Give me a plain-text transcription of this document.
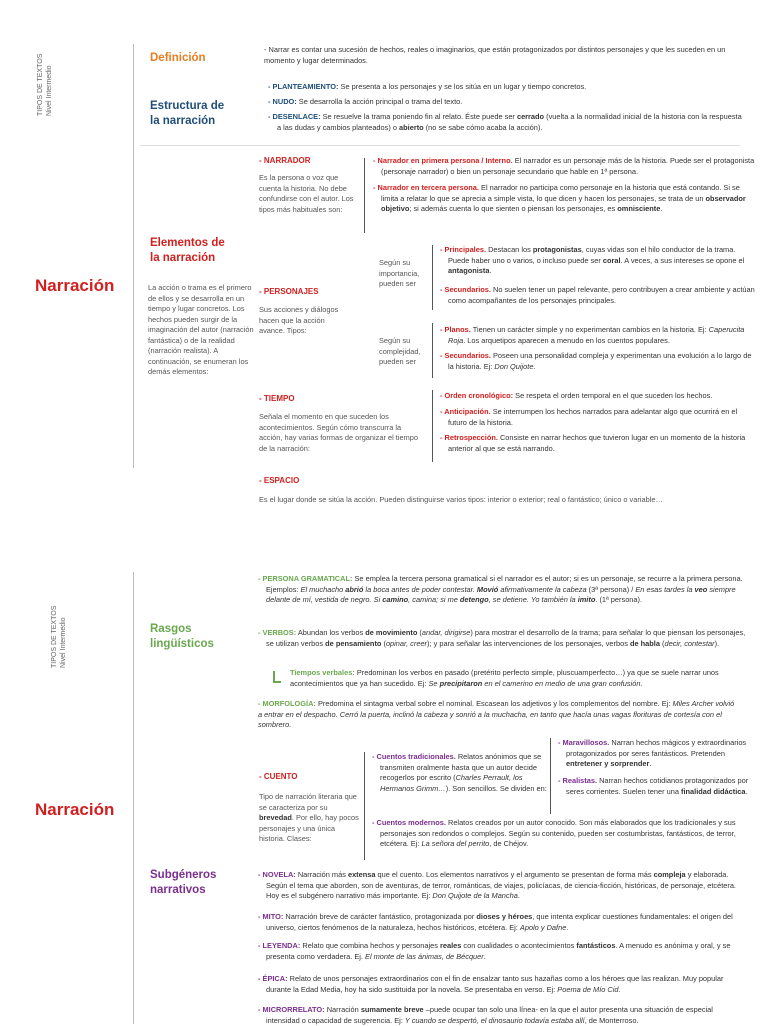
TIPOS DE TEXTOS Nivel Intermedio
Narración
Definición
- Narrar es contar una sucesión de hechos, reales o imaginarios, que están protagonizados por distintos personajes y que les suceden en un momento y lugar determinados.
Estructura de
la narración
- PLANTEAMIENTO: Se presenta a los personajes y se los sitúa en un lugar y tiempo concretos.
- NUDO: Se desarrolla la acción principal o trama del texto.
- DESENLACE: Se resuelve la trama poniendo fin al relato. Éste puede ser cerrado (vuelta a la normalidad inicial de la historia con la respuesta a las dudas y cambios planteados) o abierto (no se sabe cómo acaba la acción).
Elementos de
la narración
La acción o trama es el primero de ellos y se desarrolla en un tiempo y lugar concretos. Los hechos pueden surgir de la imaginación del autor (narración fantástica) o de la realidad (narración realista). A continuación, se enumeran los demás elementos:
- NARRADOR
Es la persona o voz que cuenta la historia. No debe confundirse con el autor. Los tipos más habituales son:
- Narrador en primera persona / Interno. El narrador es un personaje más de la historia. Puede ser el protagonista (personaje narrador) o bien un personaje secundario que hable en 1ª persona.
- Narrador en tercera persona. El narrador no participa como personaje en la historia que está contando. Si se limita a relatar lo que se aprecia a simple vista, lo que dicen y hacen los personajes, se trata de un observador objetivo; si además cuenta lo que sienten o piensan los personajes, es omnisciente.
- PERSONAJES
Sus acciones y diálogos hacen que la acción avance. Tipos:
Según su importancia, pueden ser
- Principales. Destacan los protagonistas, cuyas vidas son el hilo conductor de la trama. Puede haber uno o varios, o incluso puede ser coral. A veces, a sus intereses se opone el antagonista.
- Secundarios. No suelen tener un papel relevante, pero contribuyen a crear ambiente y actúan como acompañantes de los personajes principales.
Según su complejidad, pueden ser
- Planos. Tienen un carácter simple y no experimentan cambios en la historia. Ej: Caperucita Roja. Los arquetipos aparecen a menudo en los cuentos populares.
- Secundarios. Poseen una personalidad compleja y experimentan una evolución a lo largo de la historia. Ej: Don Quijote.
- TIEMPO
Señala el momento en que suceden los acontecimientos. Según cómo transcurra la acción, hay varias formas de organizar el tiempo de la narración:
- Orden cronológico: Se respeta el orden temporal en el que suceden los hechos.
- Anticipación. Se interrumpen los hechos narrados para adelantar algo que ocurrirá en el futuro de la historia.
- Retrospección. Consiste en narrar hechos que tuvieron lugar en un momento de la historia anterior al que se está narrando.
- ESPACIO
Es el lugar donde se sitúa la acción. Pueden distinguirse varios tipos: interior o exterior; real o fantástico; único o variable…
TIPOS DE TEXTOS Nivel Intermedio
Narración
Rasgos
lingüísticos
- PERSONA GRAMATICAL: Se emplea la tercera persona gramatical si el narrador es el autor; si es un personaje, se recurre a la primera persona. Ejemplos: El muchacho abrió la boca antes de poder contestar. Movió afirmativamente la cabeza (3ª persona) / En esas tardes la veo siempre delante de mí, vestida de negro. Si camino, camina; si me detengo, se detiene. Yo también la imito. (1ª persona).
- VERBOS: Abundan los verbos de movimiento (andar, dirigirse) para mostrar el desarrollo de la trama; para señalar lo que piensan los personajes, se utilizan verbos de pensamiento (opinar, creer); y para señalar las intervenciones de los personajes, verbos de habla (decir, contestar).
Tiempos verbales: Predominan los verbos en pasado (pretérito perfecto simple, pluscuamperfecto…) ya que se suele narrar unos acontecimientos que ya han sucedido. Ej: Se precipitaron en el camerino en medio de una gran confusión.
- MORFOLOGÍA: Predomina el sintagma verbal sobre el nominal. Escasean los adjetivos y los complementos del nombre. Ej: Miles Archer volvió a entrar en el despacho. Cerró la puerta, inclinó la cabeza y sonrió a la muchacha, en tanto que hacía unas vagas florituras de cortesía con el sombrero.
Subgéneros
narrativos
- CUENTO
Tipo de narración literaria que se caracteriza por su brevedad. Por ello, hay pocos personajes y una única historia. Clases:
- Cuentos tradicionales. Relatos anónimos que se transmiten oralmente hasta que un autor decide recogerlos por escrito (Charles Perrault, los Hermanos Grimm…). Son sencillos. Se dividen en:
- Maravillosos. Narran hechos mágicos y extraordinarios protagonizados por seres fantásticos. Pretenden entretener y sorprender.
- Realistas. Narran hechos cotidianos protagonizados por seres corrientes. Suelen tener una finalidad didáctica.
- Cuentos modernos. Relatos creados por un autor conocido. Son más elaborados que los tradicionales y sus personajes son redondos o complejos. Según su contenido, pueden ser costumbristas, fantásticos, de terror, etcétera. Ej: La señora del perrito, de Chéjov.
- NOVELA: Narración más extensa que el cuento. Los elementos narrativos y el argumento se presentan de forma más compleja y elaborada. Según el tema que aborden, son de aventuras, de terror, románticas, de viajes, policíacas, de ciencia-ficción, históricas, de personaje, etcétera. Hoy es el subgénero narrativo más importante. Ej: Don Quijote de la Mancha.
- MITO: Narración breve de carácter fantástico, protagonizada por dioses y héroes, que intenta explicar cuestiones fundamentales: el origen del universo, ciertos fenómenos de la naturaleza, hechos históricos, etcétera. Ej: Apolo y Dafne.
- LEYENDA: Relato que combina hechos y personajes reales con cualidades o acontecimientos fantásticos. A menudo es anónima y oral, y se presenta como verdadera. Ej. El monte de las ánimas, de Bécquer.
- ÉPICA: Relato de unos personajes extraordinarios con el fin de ensalzar tanto sus hazañas como a los héroes que las realizan. Muy popular durante la Edad Media, hoy ha sido sustituida por la novela. Se presentaba en verso. Ej: Poema de Mío Cid.
- MICRORRELATO: Narración sumamente breve –puede ocupar tan solo una línea- en la que el autor presenta una situación de especial intensidad o capacidad de sugerencia. Ej: Y cuando se despertó, el dinosaurio todavía estaba allí, de Monterroso.
